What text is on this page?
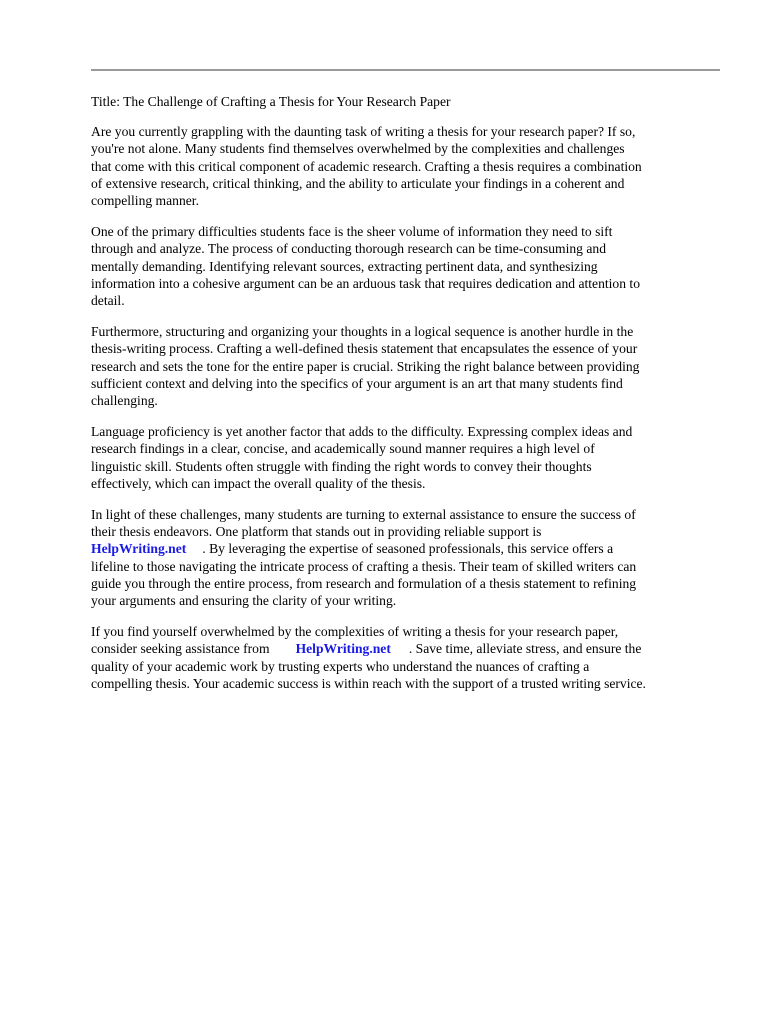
Title: The Challenge of Crafting a Thesis for Your Research Paper
Are you currently grappling with the daunting task of writing a thesis for your research paper? If so,
you're not alone. Many students find themselves overwhelmed by the complexities and challenges
that come with this critical component of academic research. Crafting a thesis requires a combination
of extensive research, critical thinking, and the ability to articulate your findings in a coherent and
compelling manner.
One of the primary difficulties students face is the sheer volume of information they need to sift
through and analyze. The process of conducting thorough research can be time-consuming and
mentally demanding. Identifying relevant sources, extracting pertinent data, and synthesizing
information into a cohesive argument can be an arduous task that requires dedication and attention to
detail.
Furthermore, structuring and organizing your thoughts in a logical sequence is another hurdle in the
thesis-writing process. Crafting a well-defined thesis statement that encapsulates the essence of your
research and sets the tone for the entire paper is crucial. Striking the right balance between providing
sufficient context and delving into the specifics of your argument is an art that many students find
challenging.
Language proficiency is yet another factor that adds to the difficulty. Expressing complex ideas and
research findings in a clear, concise, and academically sound manner requires a high level of
linguistic skill. Students often struggle with finding the right words to convey their thoughts
effectively, which can impact the overall quality of the thesis.
In light of these challenges, many students are turning to external assistance to ensure the success of
their thesis endeavors. One platform that stands out in providing reliable support is
HelpWriting.net . By leveraging the expertise of seasoned professionals, this service offers a
lifeline to those navigating the intricate process of crafting a thesis. Their team of skilled writers can
guide you through the entire process, from research and formulation of a thesis statement to refining
your arguments and ensuring the clarity of your writing.
If you find yourself overwhelmed by the complexities of writing a thesis for your research paper,
consider seeking assistance from HelpWriting.net . Save time, alleviate stress, and ensure the
quality of your academic work by trusting experts who understand the nuances of crafting a
compelling thesis. Your academic success is within reach with the support of a trusted writing service.
